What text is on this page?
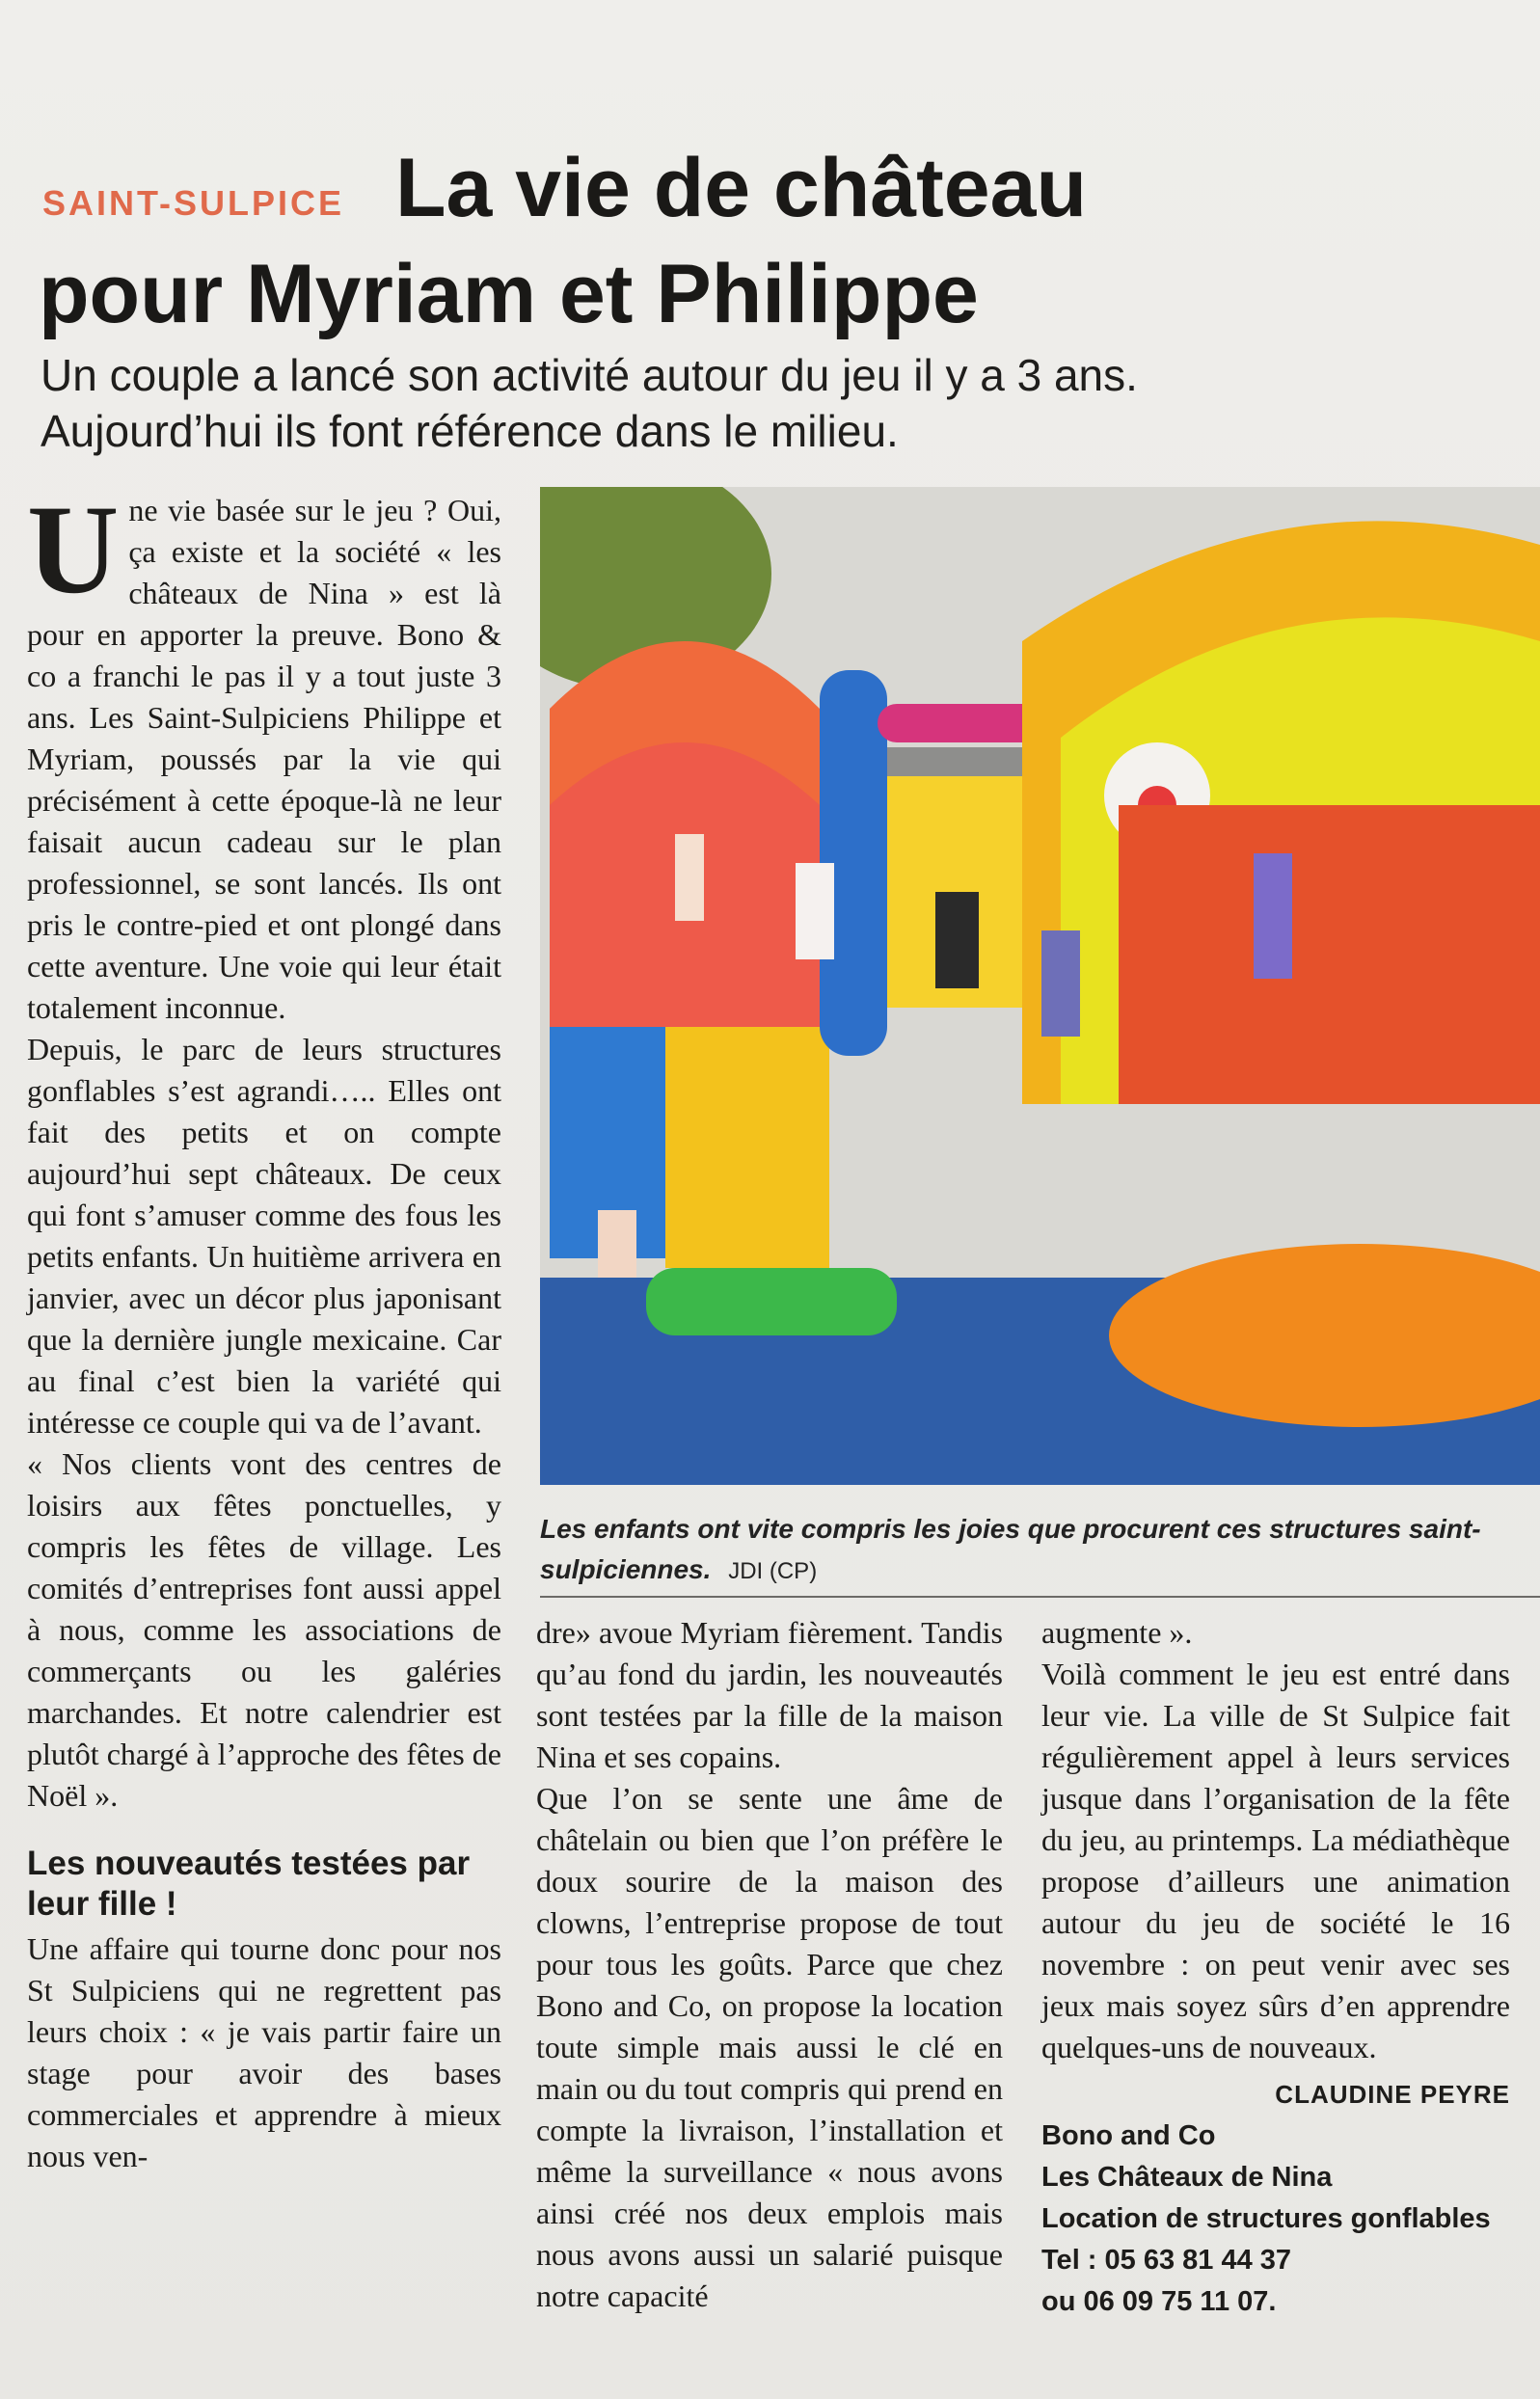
La vie de château
pour Myriam et Philippe
SAINT-SULPICE
Un couple a lancé son activité autour du jeu il y a 3 ans.
Aujourd’hui ils font référence dans le milieu.
Les enfants ont vite compris les joies que procurent ces structures saint-sulpiciennes. JDI (CP)
U ne vie basée sur le jeu ? Oui, ça existe et la société « les châteaux de Nina » est là pour en apporter la preuve. Bono & co a franchi le pas il y a tout juste 3 ans. Les Saint-Sulpiciens Philippe et Myriam, poussés par la vie qui précisément à cette époque-là ne leur faisait aucun cadeau sur le plan professionnel, se sont lancés. Ils ont pris le contre-pied et ont plongé dans cette aventure. Une voie qui leur était totalement inconnue.

Depuis, le parc de leurs structures gonflables s’est agrandi….. Elles ont fait des petits et on compte aujourd’hui sept châteaux. De ceux qui font s’amuser comme des fous les petits enfants. Un huitième arrivera en janvier, avec un décor plus japonisant que la dernière jungle mexicaine. Car au final c’est bien la variété qui intéresse ce couple qui va de l’avant.

« Nos clients vont des centres de loisirs aux fêtes ponctuelles, y compris les fêtes de village. Les comités d’entreprises font aussi appel à nous, comme les associations de commerçants ou les galéries marchandes. Et notre calendrier est plutôt chargé à l’approche des fêtes de Noël ».

Les nouveautés testées par leur fille !

Une affaire qui tourne donc pour nos St Sulpiciens qui ne regrettent pas leurs choix : « je vais partir faire un stage pour avoir des bases commerciales et apprendre à mieux nous ven-

dre» avoue Myriam fièrement. Tandis qu’au fond du jardin, les nouveautés sont testées par la fille de la maison Nina et ses copains.

Que l’on se sente une âme de châtelain ou bien que l’on préfère le doux sourire de la maison des clowns, l’entreprise propose de tout pour tous les goûts. Parce que chez Bono and Co, on propose la location toute simple mais aussi le clé en main ou du tout compris qui prend en compte la livraison, l’installation et même la surveillance « nous avons ainsi créé nos deux emplois mais nous avons aussi un salarié puisque notre capacité

augmente ».

Voilà comment le jeu est entré dans leur vie. La ville de St Sulpice fait régulièrement appel à leurs services jusque dans l’organisation de la fête du jeu, au printemps. La médiathèque propose d’ailleurs une animation autour du jeu de société le 16 novembre : on peut venir avec ses jeux mais soyez sûrs d’en apprendre quelques-uns de nouveaux.

CLAUDINE PEYRE

Bono and Co

Les Châteaux de Nina

Location de structures gonflables

Tel : 05 63 81 44 37

ou 06 09 75 11 07.
